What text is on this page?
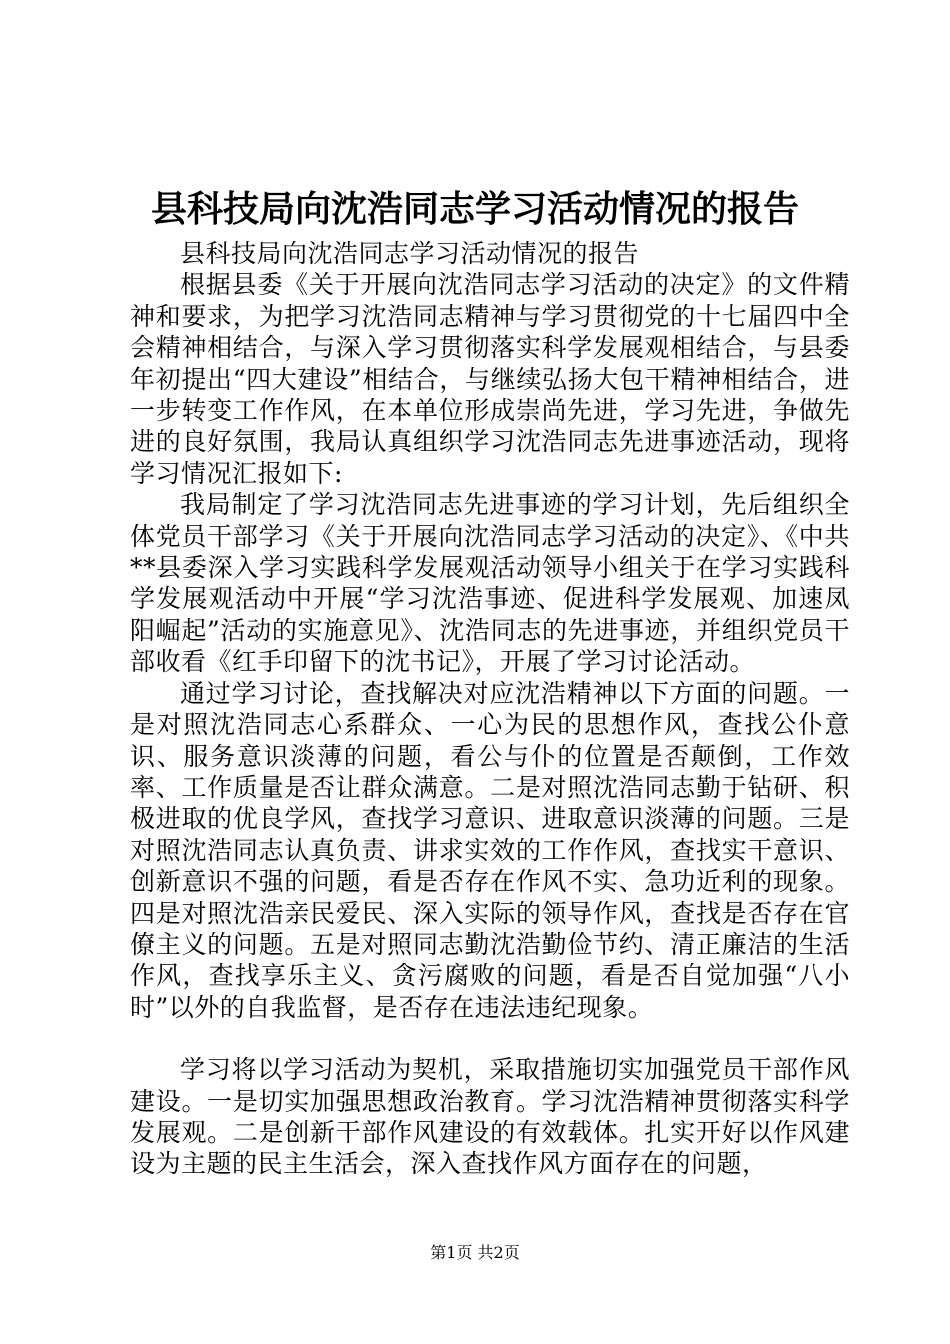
县科技局向沈浩同志学习活动情况的报告

县科技局向沈浩同志学习活动情况的报告

根据县委《关于开展向沈浩同志学习活动的决定》的文件精神和要求，为把学习沈浩同志精神与学习贯彻党的十七届四中全会精神相结合，与深入学习贯彻落实科学发展观相结合，与县委年初提出“四大建设”相结合，与继续弘扬大包干精神相结合，进一步转变工作作风，在本单位形成崇尚先进，学习先进，争做先进的良好氛围，我局认真组织学习沈浩同志先进事迹活动，现将学习情况汇报如下:

我局制定了学习沈浩同志先进事迹的学习计划，先后组织全体党员干部学习《关于开展向沈浩同志学习活动的决定》、《中共**县委深入学习实践科学发展观活动领导小组关于在学习实践科学发展观活动中开展“学习沈浩事迹、促进科学发展观、加速凤阳崛起”活动的实施意见》、沈浩同志的先进事迹，并组织党员干部收看《红手印留下的沈书记》，开展了学习讨论活动。

通过学习讨论，查找解决对应沈浩精神以下方面的问题。一是对照沈浩同志心系群众、一心为民的思想作风，查找公仆意识、服务意识淡薄的问题，看公与仆的位置是否颠倒，工作效率、工作质量是否让群众满意。二是对照沈浩同志勤于钻研、积极进取的优良学风，查找学习意识、进取意识淡薄的问题。三是对照沈浩同志认真负责、讲求实效的工作作风，查找实干意识、创新意识不强的问题，看是否存在作风不实、急功近利的现象。四是对照沈浩亲民爱民、深入实际的领导作风，查找是否存在官僚主义的问题。五是对照同志勤沈浩勤俭节约、清正廉洁的生活作风，查找享乐主义、贪污腐败的问题，看是否自觉加强“八小时”以外的自我监督，是否存在违法违纪现象。

学习将以学习活动为契机，采取措施切实加强党员干部作风建设。一是切实加强思想政治教育。学习沈浩精神贯彻落实科学发展观。二是创新干部作风建设的有效载体。扎实开好以作风建设为主题的民主生活会，深入查找作风方面存在的问题，

第1页 共2页
